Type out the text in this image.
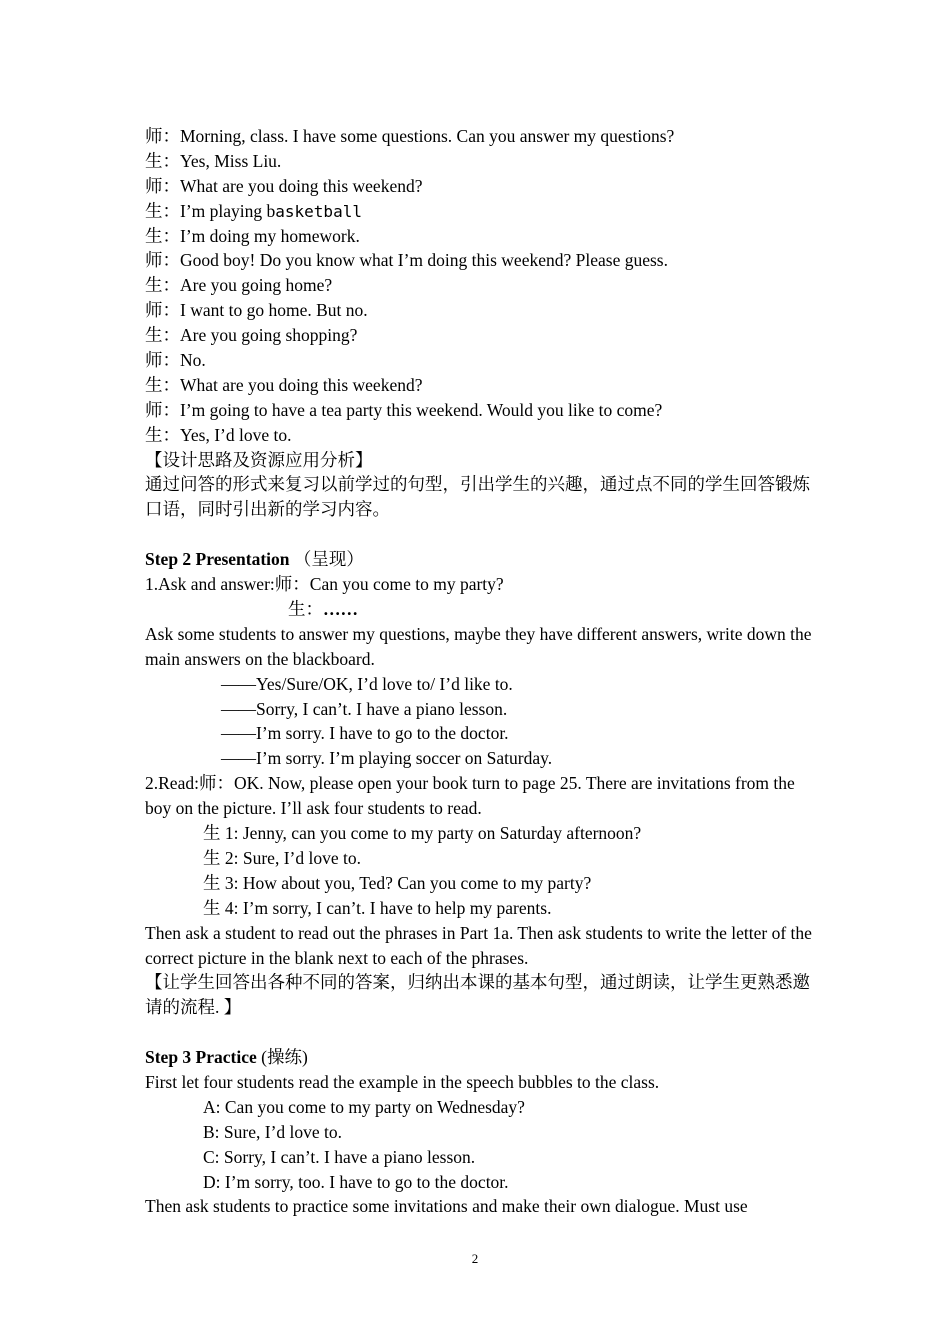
师：Morning, class. I have some questions. Can you answer my questions?
生：Yes, Miss Liu.
师：What are you doing this weekend?
生：I’m playing basketball
生：I’m doing my homework.
师：Good boy! Do you know what I’m doing this weekend? Please guess.
生：Are you going home?
师：I want to go home. But no.
生：Are you going shopping?
师：No.
生：What are you doing this weekend?
师：I’m going to have a tea party this weekend. Would you like to come?
生：Yes, I’d love to.
【设计思路及资源应用分析】
通过问答的形式来复习以前学过的句型，引出学生的兴趣，通过点不同的学生回答锻炼口语，同时引出新的学习内容。
Step 2 Presentation （呈现）
1.Ask and answer:师：Can you come to my party?
生：……
Ask some students to answer my questions, maybe they have different answers, write down the main answers on the blackboard.
——Yes/Sure/OK, I’d love to/ I’d like to.
——Sorry, I can’t. I have a piano lesson.
——I’m sorry. I have to go to the doctor.
——I’m sorry. I’m playing soccer on Saturday.
2.Read:师：OK. Now, please open your book turn to page 25. There are invitations from the boy on the picture. I’ll ask four students to read.
生 1: Jenny, can you come to my party on Saturday afternoon?
生 2: Sure, I’d love to.
生 3: How about you, Ted? Can you come to my party?
生 4: I’m sorry, I can’t. I have to help my parents.
Then ask a student to read out the phrases in Part 1a. Then ask students to write the letter of the correct picture in the blank next to each of the phrases.
【让学生回答出各种不同的答案，归纳出本课的基本句型，通过朗读，让学生更熟悉邀请的流程. 】
Step 3 Practice (操练)
First let four students read the example in the speech bubbles to the class.
A: Can you come to my party on Wednesday?
B: Sure, I’d love to.
C: Sorry, I can’t. I have a piano lesson.
D: I’m sorry, too. I have to go to the doctor.
Then ask students to practice some invitations and make their own dialogue. Must use
2
